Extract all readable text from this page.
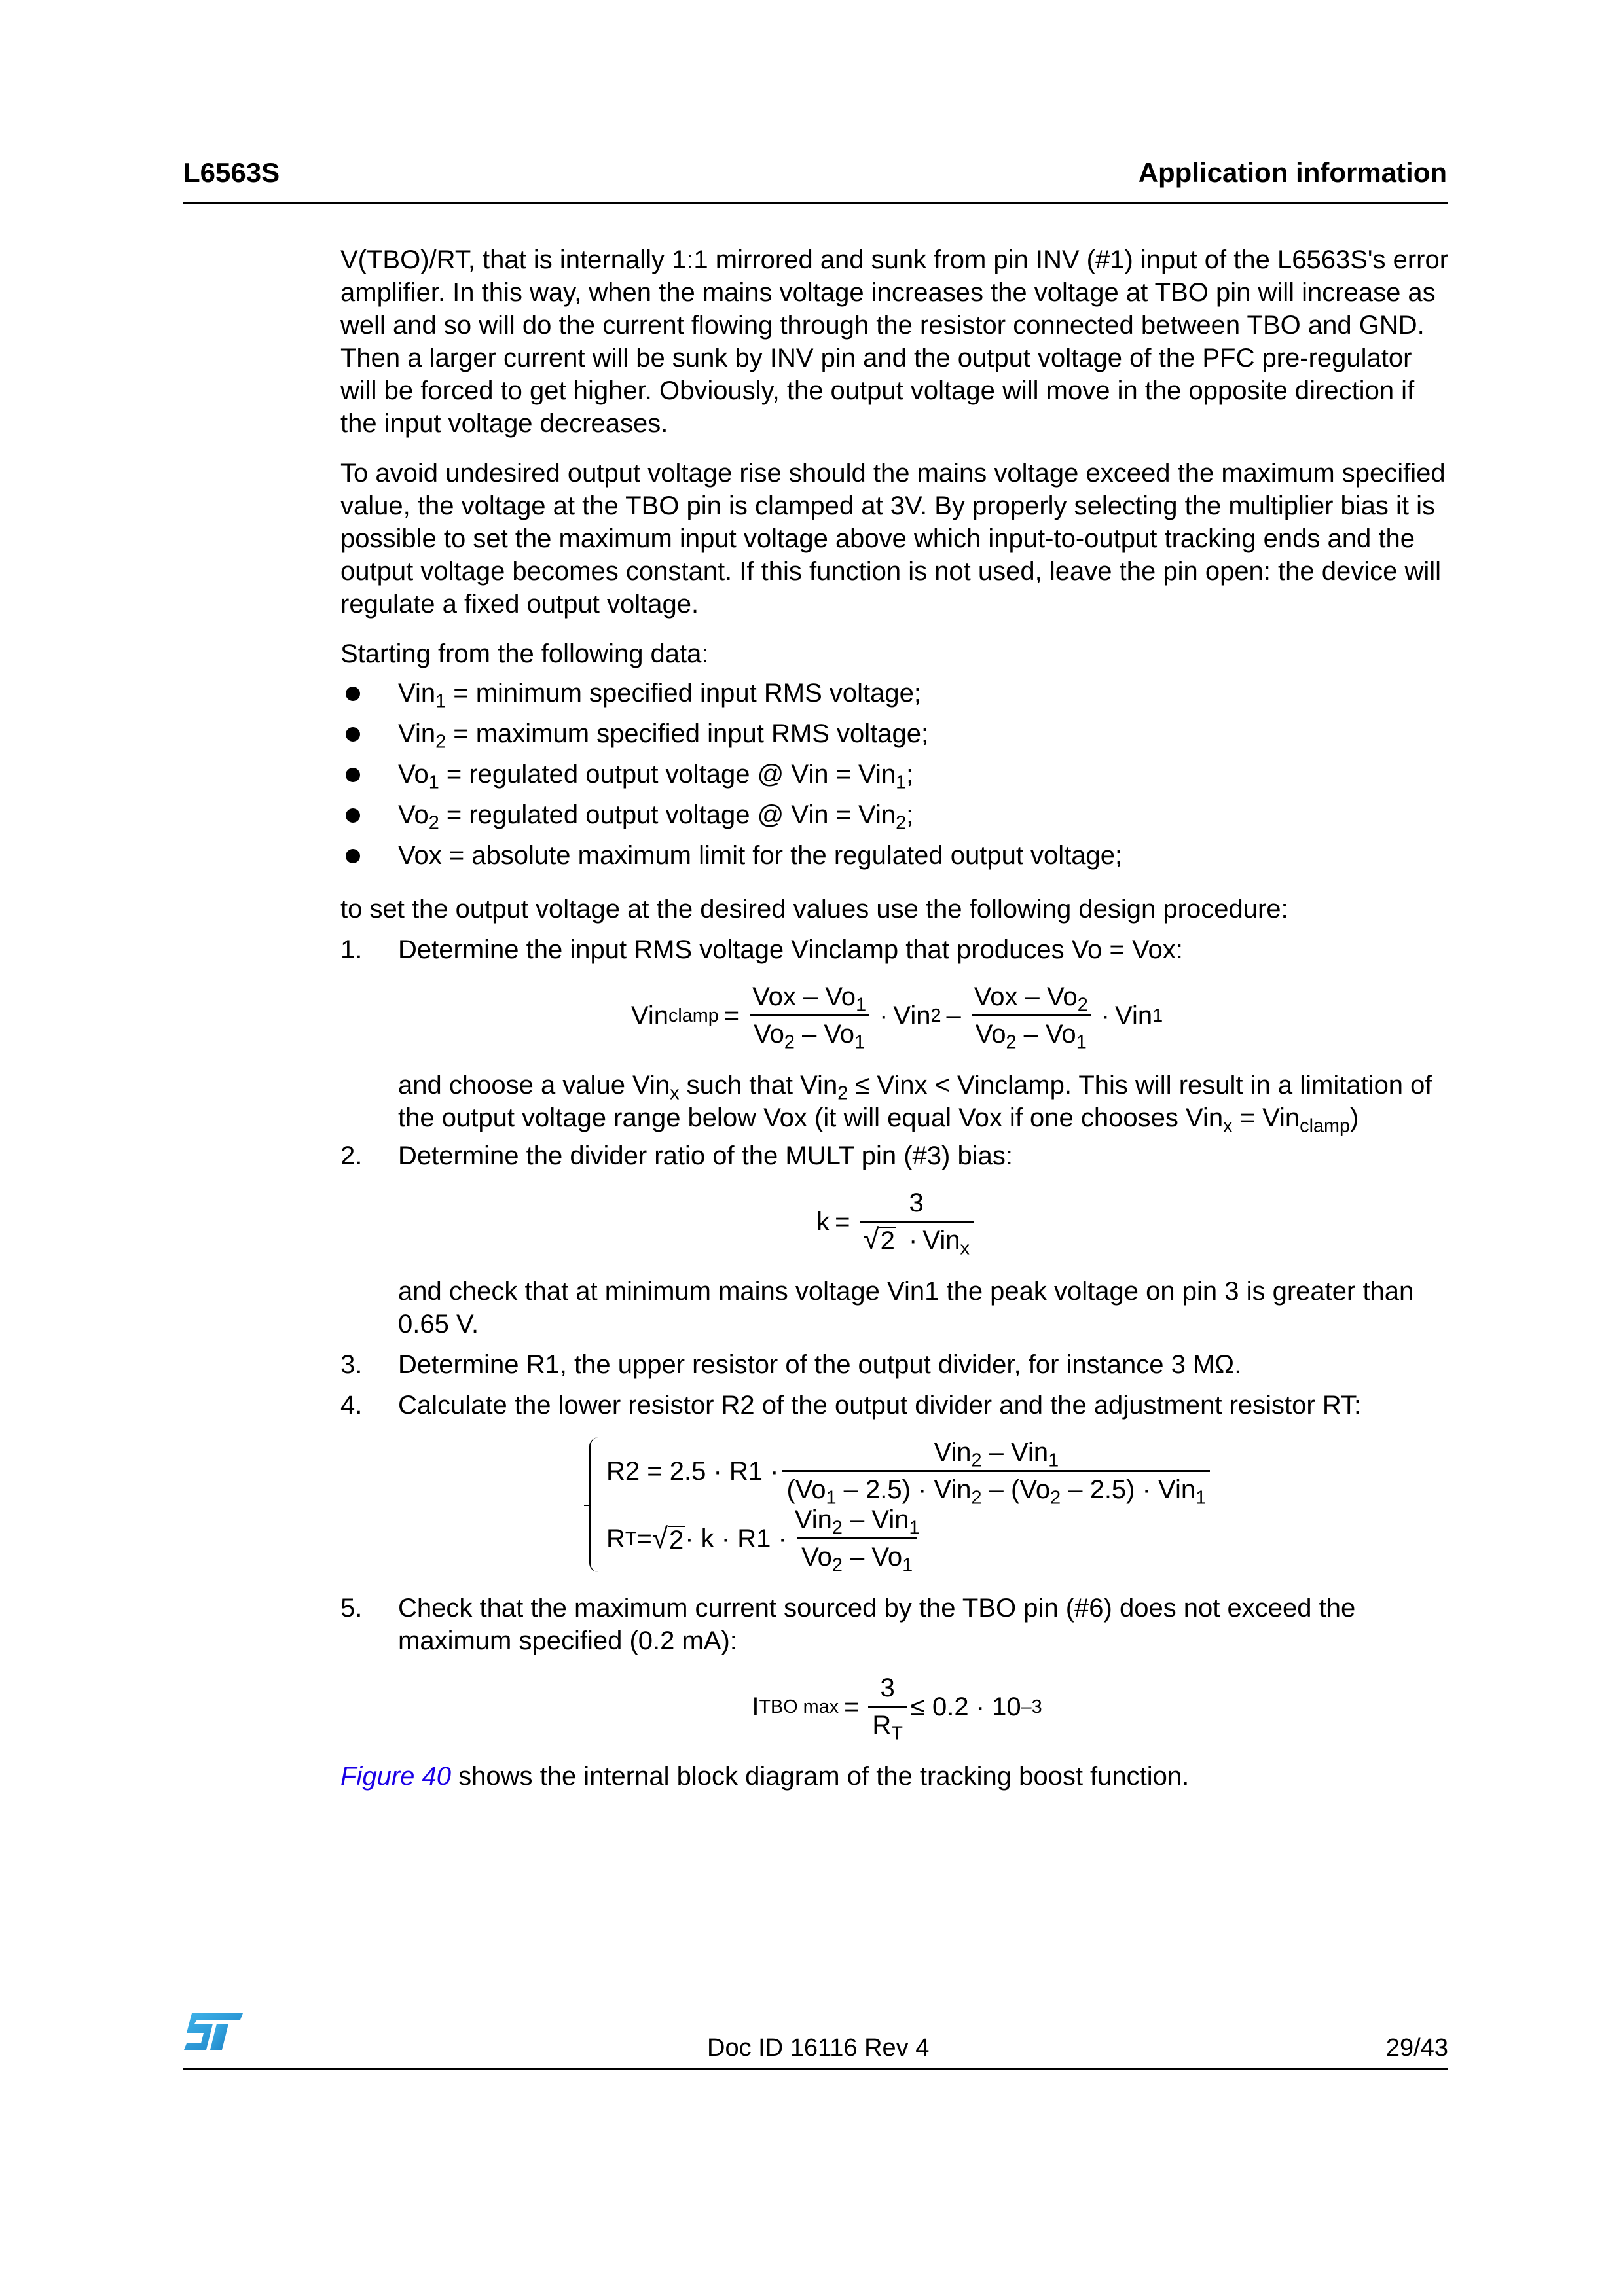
L6563S	Application information

V(TBO)/RT, that is internally 1:1 mirrored and sunk from pin INV (#1) input of the L6563S's error amplifier. In this way, when the mains voltage increases the voltage at TBO pin will increase as well and so will do the current flowing through the resistor connected between TBO and GND. Then a larger current will be sunk by INV pin and the output voltage of the PFC pre-regulator will be forced to get higher. Obviously, the output voltage will move in the opposite direction if the input voltage decreases.

To avoid undesired output voltage rise should the mains voltage exceed the maximum specified value, the voltage at the TBO pin is clamped at 3V. By properly selecting the multiplier bias it is possible to set the maximum input voltage above which input-to-output tracking ends and the output voltage becomes constant. If this function is not used, leave the pin open: the device will regulate a fixed output voltage.

Starting from the following data:

Vin$_1$ = minimum specified input RMS voltage;
Vin$_2$ = maximum specified input RMS voltage;
$Vo_1$ = regulated output voltage @ Vin = Vin$_1$;
$Vo_2$ = regulated output voltage @ Vin = Vin$_2$;
Vox = absolute maximum limit for the regulated output voltage;

to set the output voltage at the desired values use the following design procedure:

1. Determine the input RMS voltage Vinclamp that produces Vo = Vox:
Vin clamp = $\frac{Vox - Vo_1}{Vo_2 - Vo_1}$ · Vin $2 - \frac{Vox - Vo_2}{Vo_2 - Vo_1}$ · Vin 1

and choose a value Vin$_x$ such that Vin$_2$ ≤ Vinx < Vinclamp. This will result in a limitation of the output voltage range below Vox (it will equal Vox if one chooses Vin$_x$ = Vin$_{clamp}$)

2. Determine the divider ratio of the MULT pin (#3) bias:
$k = \frac{3}{√ 2 \cdot Vin_x}$

and check that at minimum mains voltage Vin1 the peak voltage on pin 3 is greater than 0.65 V.

3. Determine R1, the upper resistor of the output divider, for instance 3 MΩ.
4. Calculate the lower resistor R2 of the output divider and the adjustment resistor RT:
$R2 = 2.5 \cdot R1 \cdot \frac{Vin_2 - Vin_1}{(Vo_1 - 2.5) \cdot Vin_2 - (Vo_2 - 2.5) \cdot Vin_1}$
R T = √ $2 \cdot k \cdot R1 \cdot \frac{Vin_2 - Vin_1}{Vo_2 - Vo_1}$
5. Check that the maximum current sourced by the TBO pin (#6) does not exceed the maximum specified (0.2 mA):
I TBO $\max = \frac{3}{R_T} \le 0.2 \cdot 10$ –3

Figure 40 shows the internal block diagram of the tracking boost function.

Doc ID 16116 Rev 4	29/43
